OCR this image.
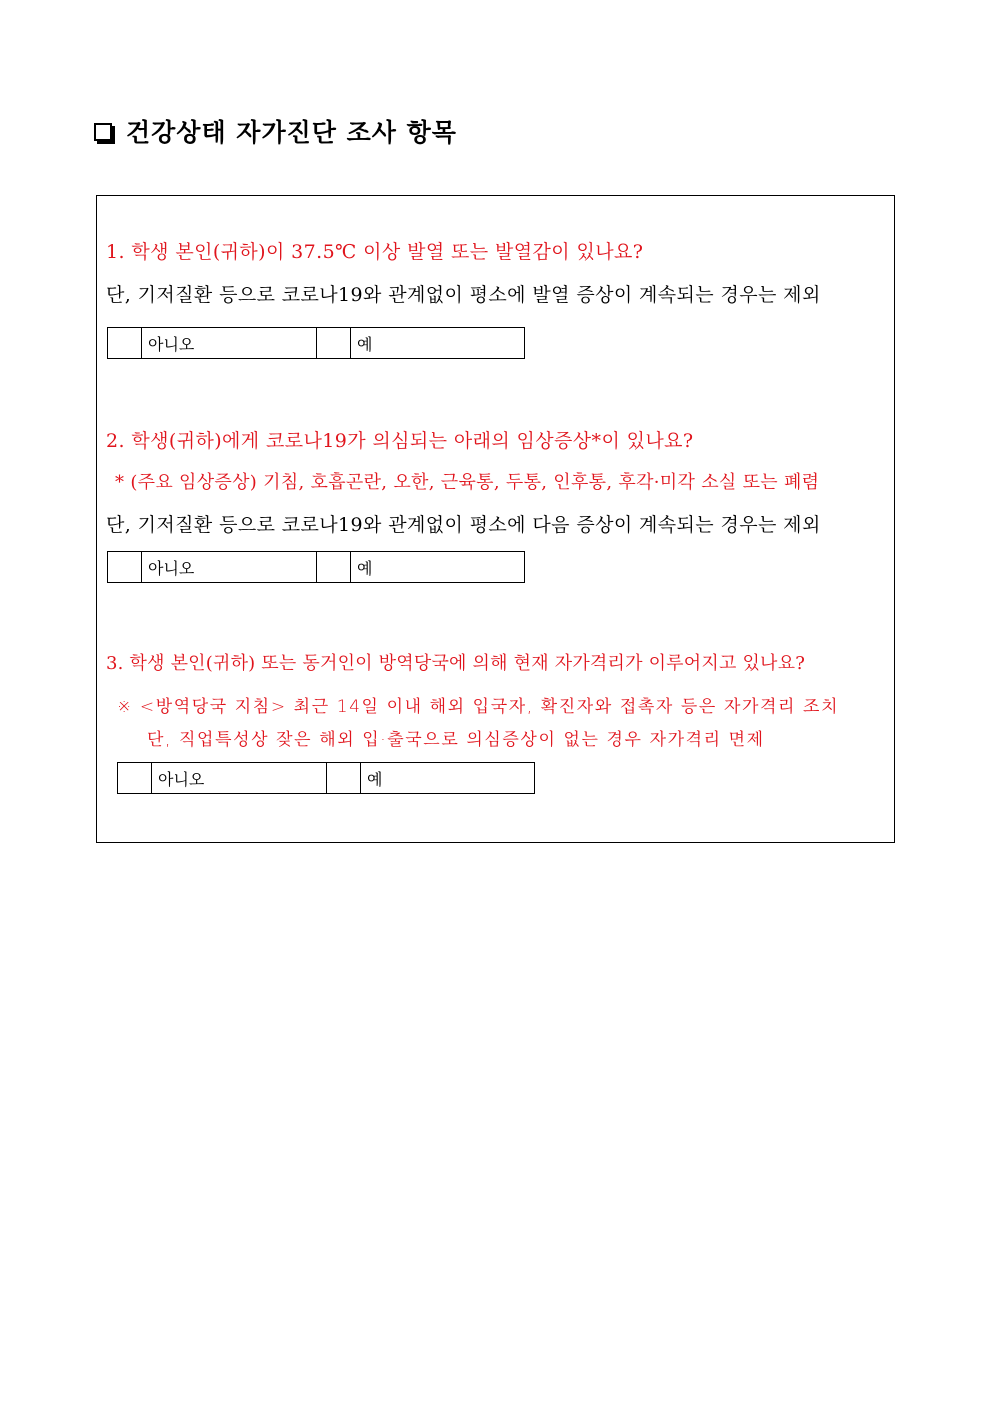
건강상태 자가진단 조사 항목
1. 학생 본인(귀하)이 37.5℃ 이상 발열 또는 발열감이 있나요?
단, 기저질환 등으로 코로나19와 관계없이 평소에 발열 증상이 계속되는 경우는 제외
아니오	예
2. 학생(귀하)에게 코로나19가 의심되는 아래의 임상증상*이 있나요?
* (주요 임상증상) 기침, 호흡곤란, 오한, 근육통, 두통, 인후통, 후각·미각 소실 또는 폐렴
단, 기저질환 등으로 코로나19와 관계없이 평소에 다음 증상이 계속되는 경우는 제외
아니오	예
3. 학생 본인(귀하) 또는 동거인이 방역당국에 의해 현재 자가격리가 이루어지고 있나요?
※ <방역당국 지침> 최근 14일 이내 해외 입국자, 확진자와 접촉자 등은 자가격리 조치
단, 직업특성상 잦은 해외 입·출국으로 의심증상이 없는 경우 자가격리 면제
아니오	예
